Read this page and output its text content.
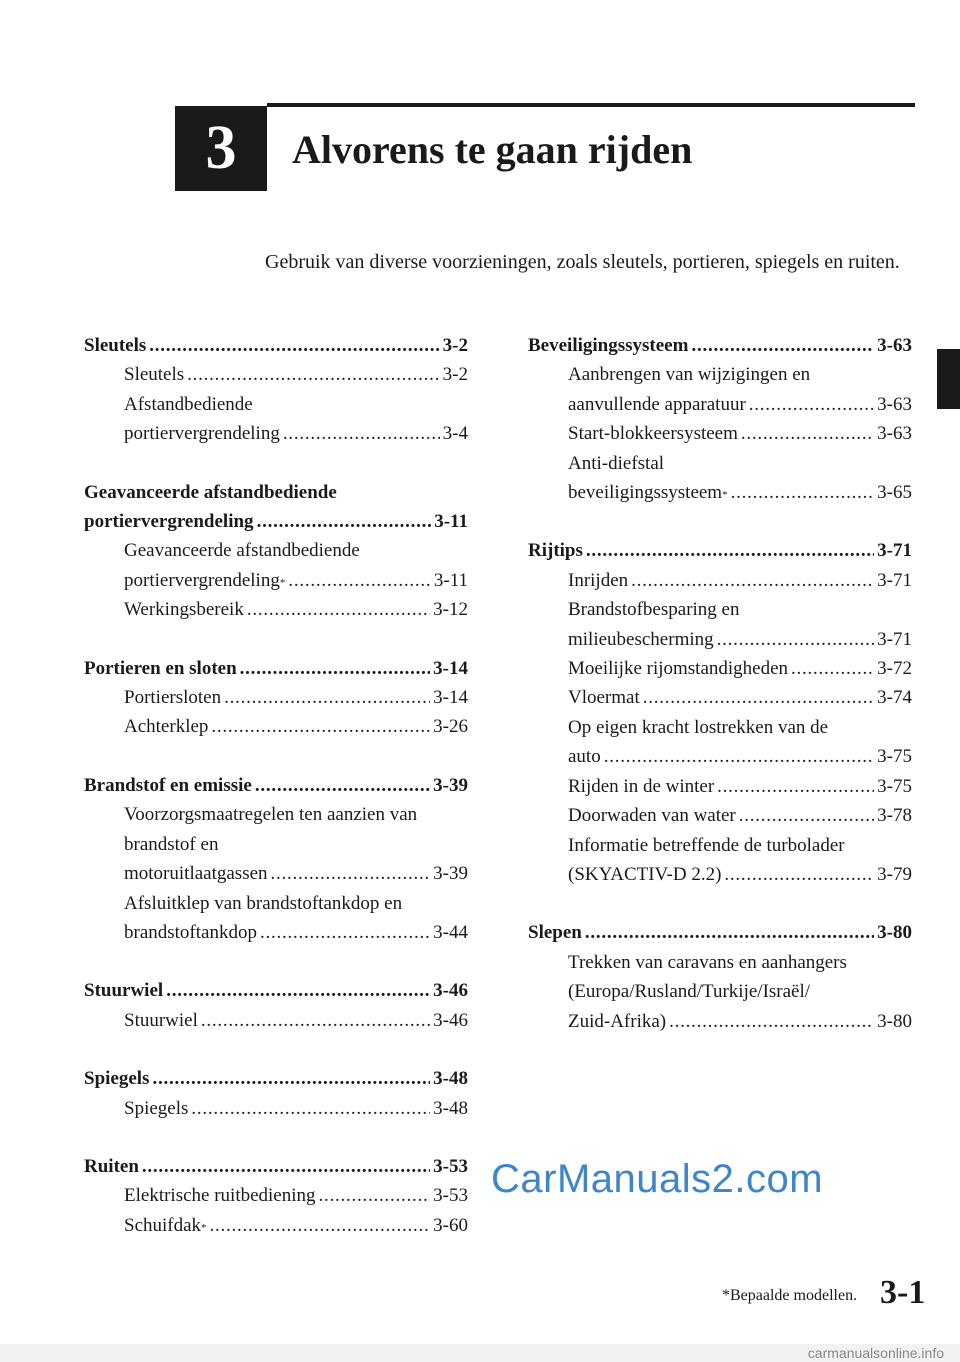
3 Alvorens te gaan rijden
Gebruik van diverse voorzieningen, zoals sleutels, portieren, spiegels en ruiten.
Sleutels . . .	3-2
Sleutels . . .	3-2
Afstandbediende
portiervergrendeling . . .	3-4
Geavanceerde afstandbediende
portiervergrendeling . . .	3-11
Geavanceerde afstandbediende
portiervergrendeling * . . .	3-11
Werkingsbereik . . .	3-12
Portieren en sloten . . .	3-14
Portiersloten . . .	3-14
Achterklep . . .	3-26
Brandstof en emissie . . .	3-39
Voorzorgsmaatregelen ten aanzien van
brandstof en
motoruitlaatgassen . . .	3-39
Afsluitklep van brandstoftankdop en
brandstoftankdop . . .	3-44
Stuurwiel . . .	3-46
Stuurwiel . . .	3-46
Spiegels . . .	3-48
Spiegels . . .	3-48
Ruiten . . .	3-53
Elektrische ruitbediening . . .	3-53
Schuifdak * . . .	3-60
Beveiligingssysteem . . .	3-63
Aanbrengen van wijzigingen en
aanvullende apparatuur . . .	3-63
Start-blokkeersysteem . . .	3-63
Anti-diefstal
beveiligingssysteem * . . .	3-65
Rijtips . . .	3-71
Inrijden . . .	3-71
Brandstofbesparing en
milieubescherming . . .	3-71
Moeilijke rijomstandigheden . . .	3-72
Vloermat . . .	3-74
Op eigen kracht lostrekken van de
auto . . .	3-75
Rijden in de winter . . .	3-75
Doorwaden van water . . .	3-78
Informatie betreffende de turbolader
(SKYACTIV-D 2.2) . . .	3-79
Slepen . . .	3-80
Trekken van caravans en aanhangers
(Europa/Rusland/Turkije/Israël/
Zuid-Afrika) . . .	3-80
CarManuals2.com
*Bepaalde modellen. 3-1
carmanualsonline.info
